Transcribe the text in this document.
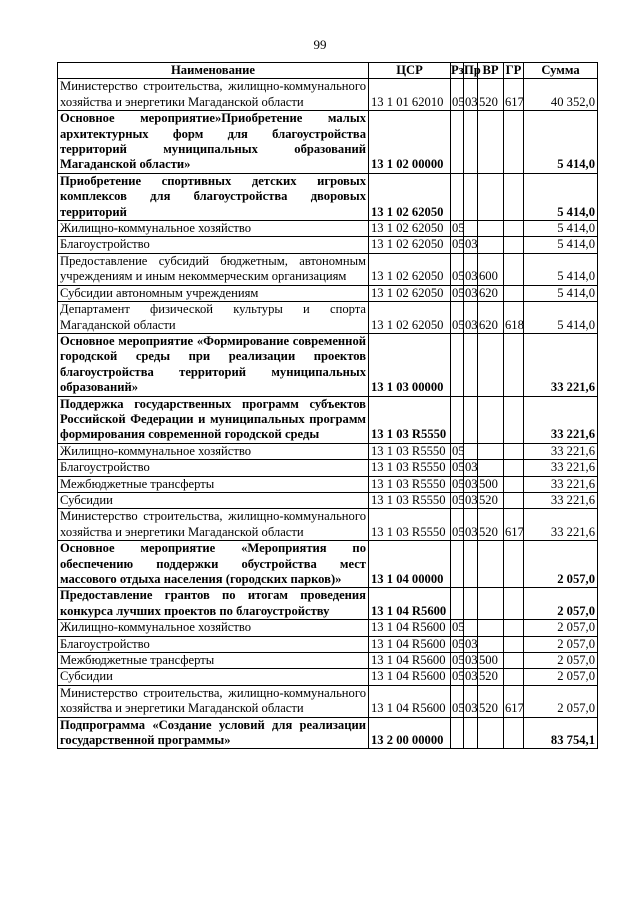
99
Наименование	ЦСР	Рз	Пр	ВР	ГР	Сумма
Министерство строительства, жилищно-коммунального хозяйства и энергетики Магаданской области	13 1 01 62010	05	03	520	617	40 352,0
Основное мероприятие»Приобретение малых архитектурных форм для благоустройства территорий муниципальных образований Магаданской области»	13 1 02 00000					5 414,0
Приобретение спортивных детских игровых комплексов для благоустройства дворовых территорий	13 1 02 62050					5 414,0
Жилищно-коммунальное хозяйство	13 1 02 62050	05				5 414,0
Благоустройство	13 1 02 62050	05	03			5 414,0
Предоставление субсидий бюджетным, автономным учреждениям и иным некоммерческим организациям	13 1 02 62050	05	03	600		5 414,0
Субсидии автономным учреждениям	13 1 02 62050	05	03	620		5 414,0
Департамент физической культуры и спорта Магаданской области	13 1 02 62050	05	03	620	618	5 414,0
Основное мероприятие «Формирование современной городской среды при реализации проектов благоустройства территорий муниципальных образований»	13 1 03 00000					33 221,6
Поддержка государственных программ субъектов Российской Федерации и муниципальных программ формирования современной городской среды	13 1 03 R5550					33 221,6
Жилищно-коммунальное хозяйство	13 1 03 R5550	05				33 221,6
Благоустройство	13 1 03 R5550	05	03			33 221,6
Межбюджетные трансферты	13 1 03 R5550	05	03	500		33 221,6
Субсидии	13 1 03 R5550	05	03	520		33 221,6
Министерство строительства, жилищно-коммунального хозяйства и энергетики Магаданской области	13 1 03 R5550	05	03	520	617	33 221,6
Основное мероприятие «Мероприятия по обеспечению поддержки обустройства мест массового отдыха населения (городских парков)»	13 1 04 00000					2 057,0
Предоставление грантов по итогам проведения конкурса лучших проектов по благоустройству	13 1 04 R5600					2 057,0
Жилищно-коммунальное хозяйство	13 1 04 R5600	05				2 057,0
Благоустройство	13 1 04 R5600	05	03			2 057,0
Межбюджетные трансферты	13 1 04 R5600	05	03	500		2 057,0
Субсидии	13 1 04 R5600	05	03	520		2 057,0
Министерство строительства, жилищно-коммунального хозяйства и энергетики Магаданской области	13 1 04 R5600	05	03	520	617	2 057,0
Подпрограмма «Создание условий для реализации государственной программы»	13 2 00 00000					83 754,1
